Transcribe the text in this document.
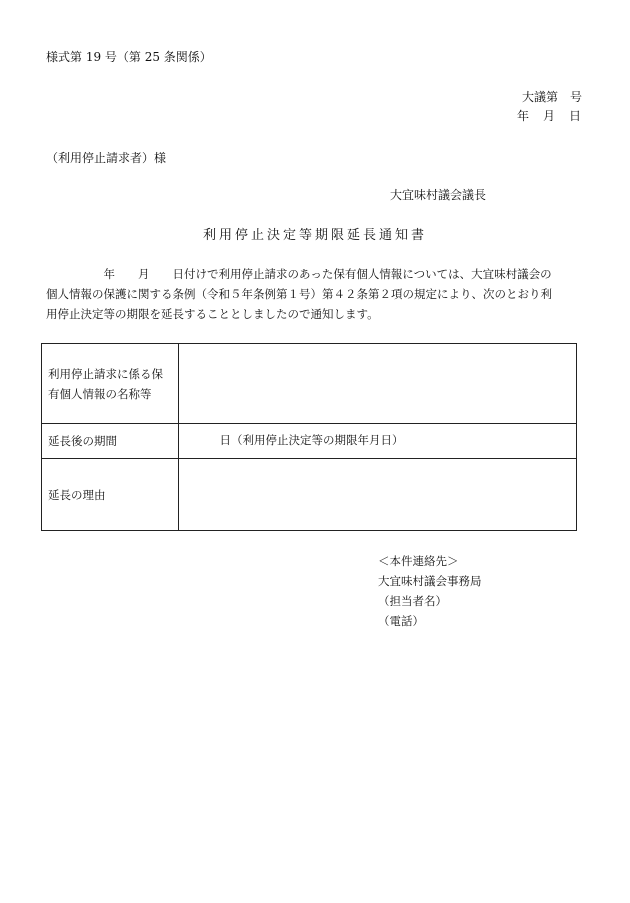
様式第 19 号（第 25 条関係）
大議第　号
年　月　日
（利用停止請求者）様
大宜味村議会議長
利用停止決定等期限延長通知書
　　　　　年　　月　　日付けで利用停止請求のあった保有個人情報については、大宜味村議会の
個人情報の保護に関する条例（令和５年条例第１号）第４２条第２項の規定により、次のとおり利
用停止決定等の期限を延長することとしましたので通知します。
利用停止請求に係る保
有個人情報の名称等	
延長後の期間	　　　日（利用停止決定等の期限年月日）
延長の理由	
＜本件連絡先＞
大宜味村議会事務局
（担当者名）
（電話）
